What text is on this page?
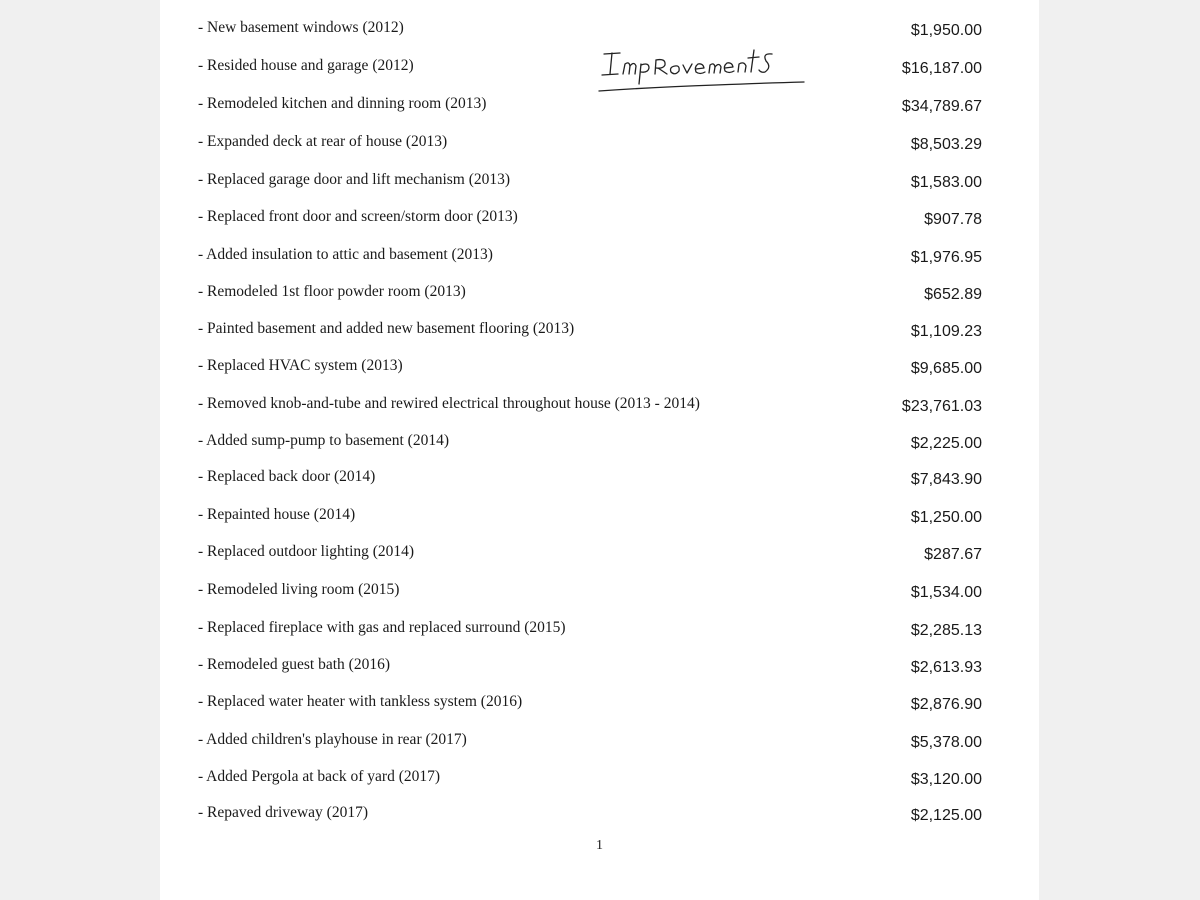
- New basement windows (2012)	$1,950.00
- Resided house and garage (2012)	$16,187.00
- Remodeled kitchen and dinning room (2013)	$34,789.67
- Expanded deck at rear of house (2013)	$8,503.29
- Replaced garage door and lift mechanism (2013)	$1,583.00
- Replaced front door and screen/storm door (2013)	$907.78
- Added insulation to attic and basement (2013)	$1,976.95
- Remodeled 1st floor powder room (2013)	$652.89
- Painted basement and added new basement flooring (2013)	$1,109.23
- Replaced HVAC system (2013)	$9,685.00
- Removed knob-and-tube and rewired electrical throughout house (2013 - 2014)	$23,761.03
- Added sump-pump to basement (2014)	$2,225.00
- Replaced back door (2014)	$7,843.90
- Repainted house (2014)	$1,250.00
- Replaced outdoor lighting (2014)	$287.67
- Remodeled living room (2015)	$1,534.00
- Replaced fireplace with gas and replaced surround (2015)	$2,285.13
- Remodeled guest bath (2016)	$2,613.93
- Replaced water heater with tankless system (2016)	$2,876.90
- Added children's playhouse in rear (2017)	$5,378.00
- Added Pergola at back of yard (2017)	$3,120.00
- Repaved driveway (2017)	$2,125.00
1
